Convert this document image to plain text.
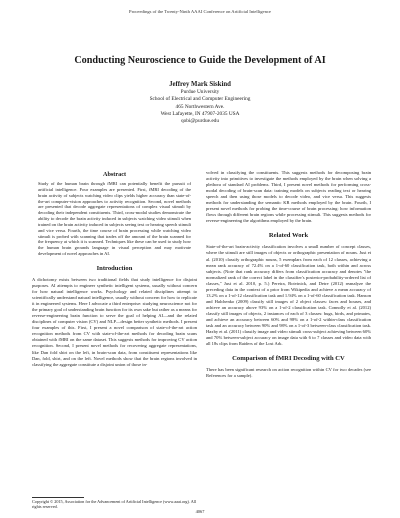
Proceedings of the Twenty-Ninth AAAI Conference on Artificial Intelligence
Conducting Neuroscience to Guide the Development of AI
Jeffrey Mark Siskind
Purdue University
School of Electrical and Computer Engineering
465 Northwestern Ave.
West Lafayette, IN 47907-2035 USA
qobi@purdue.edu
Abstract

Study of the human brain through fMRI can potentially benefit the pursuit of artificial intelligence. Four examples are presented. First, fMRI decoding of the brain activity of subjects watching video clips yields higher accuracy than state-of-the-art computer-vision approaches to activity recognition. Second, novel methods are presented that decode aggregate representations of complex visual stimuli by decoding their independent constituents. Third, cross-modal studies demonstrate the ability to decode the brain activity induced in subjects watching video stimuli when trained on the brain activity induced in subjects seeing text or hearing speech stimuli and vice versa. Fourth, the time course of brain processing while watching video stimuli is probed with scanning that trades off the amount of the brain scanned for the frequency at which it is scanned. Techniques like these can be used to study how the human brain grounds language in visual perception and may motivate development of novel approaches in AI.

Introduction

A dichotomy exists between two traditional fields that study intelligence for disjoint purposes. AI attempts to engineer synthetic intelligent systems, usually without concern for how natural intelligence works. Psychology and related disciplines attempt to scientifically understand natural intelligence, usually without concern for how to replicate it in engineered systems. Here I advocate a third enterprise: studying neuroscience not for the primary goal of understanding brain function for its own sake but rather as a means for reverse-engineering brain function to serve the goal of helping AI—and the related disciplines of computer vision (CV) and NLP—design better synthetic methods. I present four examples of this. First, I present a novel comparison of state-of-the-art action recognition methods from CV with state-of-the-art methods for decoding brain scans obtained with fMRI on the same dataset. This suggests methods for improving CV action recognition. Second, I present novel methods for recovering aggregate representations, like Dan fold shirt on the left, in brain-scan data, from constituent representations like Dan, fold, shirt, and on the left. Novel methods show that the brain regions involved in classifying the aggregate constitute a disjoint union of those in-

Copyright © 2015, Association for the Advancement of Artificial Intelligence (www.aaai.org). All rights reserved.

volved in classifying the constituents. This suggests methods for decomposing brain activity into primitives to investigate the methods employed by the brain when solving a plethora of standard AI problems. Third, I present novel methods for performing cross-modal decoding of brain-scan data: training models on subjects reading text or hearing speech and then using those models to decode video, and vice versa. This suggests methods for understanding the semantic KR methods employed by the brain. Fourth, I present novel methods for probing the time-course of brain processing: how information flows through different brain regions while processing stimuli. This suggests methods for reverse-engineering the algorithms employed by the brain.

Related Work

State-of-the-art brain-activity classification involves a small number of concept classes, where the stimuli are still images of objects or orthographic presentation of nouns. Just et al. (2010) classify orthographic nouns, 5 exemplars from each of 12 classes, achieving a mean rank accuracy of 72.4% on a 1-of-60 classification task, both within and across subjects. (Note that rank accuracy differs from classification accuracy and denotes "the normalized rank of the correct label in the classifier's posterior-probability-ordered list of classes," Just et al. 2010, p. 5.) Pereira, Botvinick, and Detre (2012) reanalyze the preceding data in the context of a prior from Wikipedia and achieve a mean accuracy of 13.2% on a 1-of-12 classification task and 1.94% on a 1-of-60 classification task. Hanson and Halchenko (2009) classify still images of 2 object classes: faces and houses, and achieve an accuracy above 93% on a 1-of-2 classification task. Connolly et al. (2012) classify still images of objects, 2 instances of each of 3 classes: bugs, birds, and primates, and achieve an accuracy between 60% and 98% on a 1-of-2 within-class classification task and an accuracy between 90% and 98% on a 1-of-3 between-class classification task. Haxby et al. (2011) classify image and video stimuli cross-subject achieving between 60% and 70% between-subject accuracy on image data with 6 to 7 classes and video data with all 18s clips from Raiders of the Lost Ark.

Comparison of fMRI Decoding with CV

There has been significant research on action recognition within CV for two decades (see References for a sample).

4067
